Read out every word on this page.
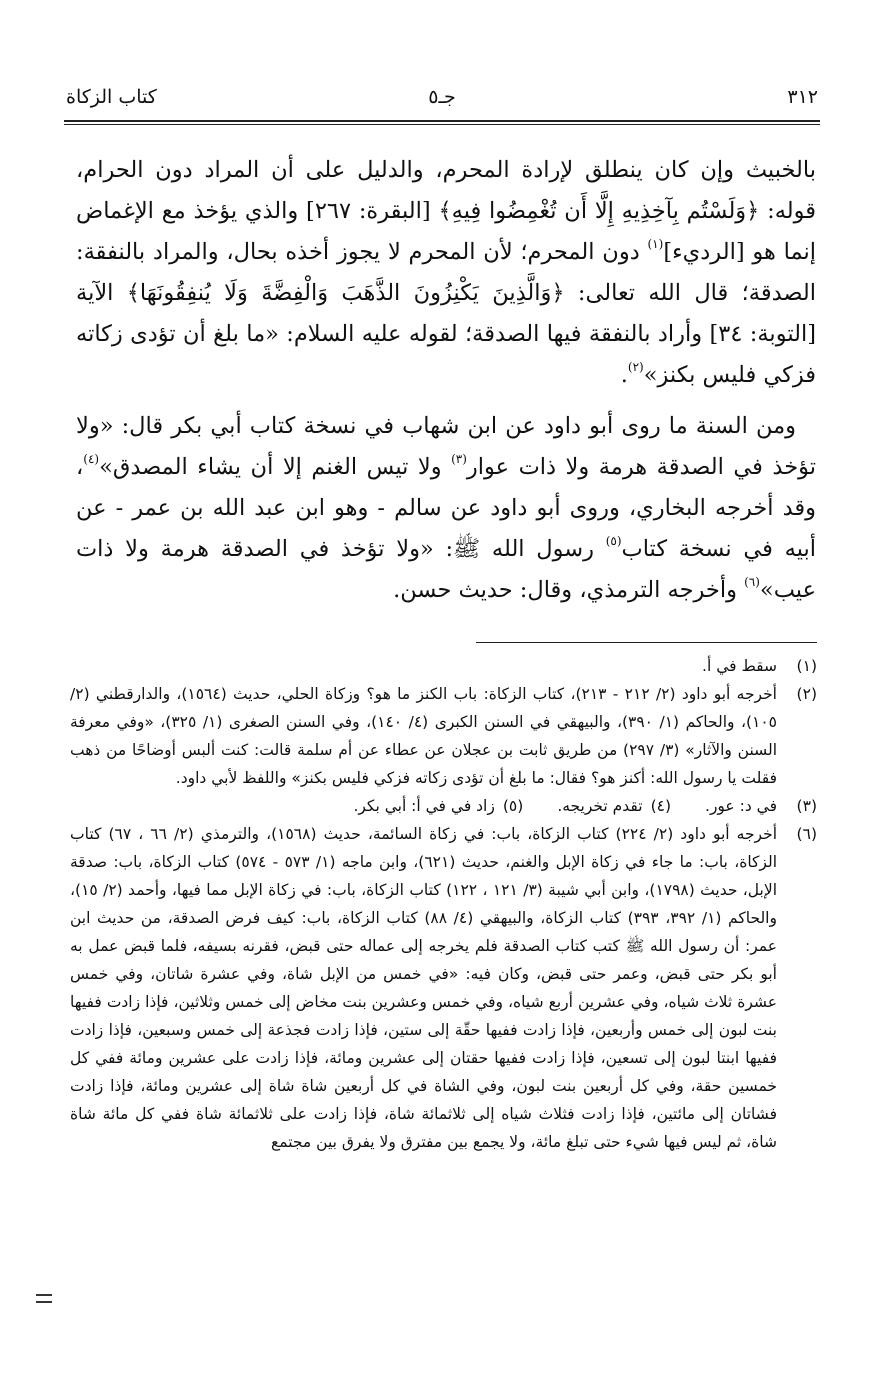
٣١٢
جـ٥
كتاب الزكاة

بالخبيث وإن كان ينطلق لإرادة المحرم، والدليل على أن المراد دون الحرام، قوله: ﴿وَلَسْتُم بِآخِذِيهِ إِلَّا أَن تُغْمِضُوا فِيهِ﴾ [البقرة: ٢٦٧] والذي يؤخذ مع الإغماض إنما هو [الرديء]$^{(١)}$ دون المحرم؛ لأن المحرم لا يجوز أخذه بحال، والمراد بالنفقة: الصدقة؛ قال الله تعالى: ﴿وَالَّذِينَ يَكْنِزُونَ الذَّهَبَ وَالْفِضَّةَ وَلَا يُنفِقُونَهَا﴾ الآية [التوبة: ٣٤] وأراد بالنفقة فيها الصدقة؛ لقوله عليه السلام: «ما بلغ أن تؤدى زكاته فزكي فليس بكنز»$^{(٢)}$.

ومن السنة ما روى أبو داود عن ابن شهاب في نسخة كتاب أبي بكر قال: «ولا تؤخذ في الصدقة هرمة ولا ذات عوار$^{(٣)}$ ولا تيس الغنم إلا أن يشاء المصدق»$^{(٤)}$، وقد أخرجه البخاري، وروى أبو داود عن سالم - وهو ابن عبد الله بن عمر - عن أبيه في نسخة كتاب$^{(٥)}$ رسول الله ﷺ: «ولا تؤخذ في الصدقة هرمة ولا ذات عيب»$^{(٦)}$ وأخرجه الترمذي، وقال: حديث حسن.

(١)
سقط في أ.
(٢)
أخرجه أبو داود (٢/ ٢١٢ - ٢١٣)، كتاب الزكاة: باب الكنز ما هو؟ وزكاة الحلي، حديث (١٥٦٤)، والدارقطني (٢/ ١٠٥)، والحاكم (١/ ٣٩٠)، والبيهقي في السنن الكبرى (٤/ ١٤٠)، وفي السنن الصغرى (١/ ٣٢٥)، «وفي معرفة السنن والآثار» (٣/ ٢٩٧) من طريق ثابت بن عجلان عن عطاء عن أم سلمة قالت: كنت ألبس أوضاحًا من ذهب فقلت يا رسول الله: أكنز هو؟ فقال: ما بلغ أن تؤدى زكاته فزكي فليس بكنز» واللفظ لأبي داود.
(٣)
في د: عور.
(٤)
تقدم تخريجه.
(٥)
زاد في في أ: أبي بكر.
(٦)
أخرجه أبو داود (٢/ ٢٢٤) كتاب الزكاة، باب: في زكاة السائمة، حديث (١٥٦٨)، والترمذي (٢/ ٦٦ ، ٦٧) كتاب الزكاة، باب: ما جاء في زكاة الإبل والغنم، حديث (٦٢١)، وابن ماجه (١/ ٥٧٣ - ٥٧٤) كتاب الزكاة، باب: صدقة الإبل، حديث (١٧٩٨)، وابن أبي شيبة (٣/ ١٢١ ، ١٢٢) كتاب الزكاة، باب: في زكاة الإبل مما فيها، وأحمد (٢/ ١٥)، والحاكم (١/ ٣٩٢، ٣٩٣) كتاب الزكاة، والبيهقي (٤/ ٨٨) كتاب الزكاة، باب: كيف فرض الصدقة، من حديث ابن عمر: أن رسول الله ﷺ كتب كتاب الصدقة فلم يخرجه إلى عماله حتى قبض، فقرنه بسيفه، فلما قبض عمل به أبو بكر حتى قبض، وعمر حتى قبض، وكان فيه: «في خمس من الإبل شاة، وفي عشرة شاتان، وفي خمس عشرة ثلاث شياه، وفي عشرين أربع شياه، وفي خمس وعشرين بنت مخاض إلى خمس وثلاثين، فإذا زادت ففيها بنت لبون إلى خمس وأربعين، فإذا زادت ففيها حقّة إلى ستين، فإذا زادت فجذعة إلى خمس وسبعين، فإذا زادت ففيها ابنتا لبون إلى تسعين، فإذا زادت ففيها حقتان إلى عشرين ومائة، فإذا زادت على عشرين ومائة ففي كل خمسين حقة، وفي كل أربعين بنت لبون، وفي الشاة في كل أربعين شاة شاة إلى عشرين ومائة، فإذا زادت فشاتان إلى مائتين، فإذا زادت فثلاث شياه إلى ثلاثمائة شاة، فإذا زادت على ثلاثمائة شاة ففي كل مائة شاة شاة، ثم ليس فيها شيء حتى تبلغ مائة، ولا يجمع بين مفترق ولا يفرق بين مجتمع
